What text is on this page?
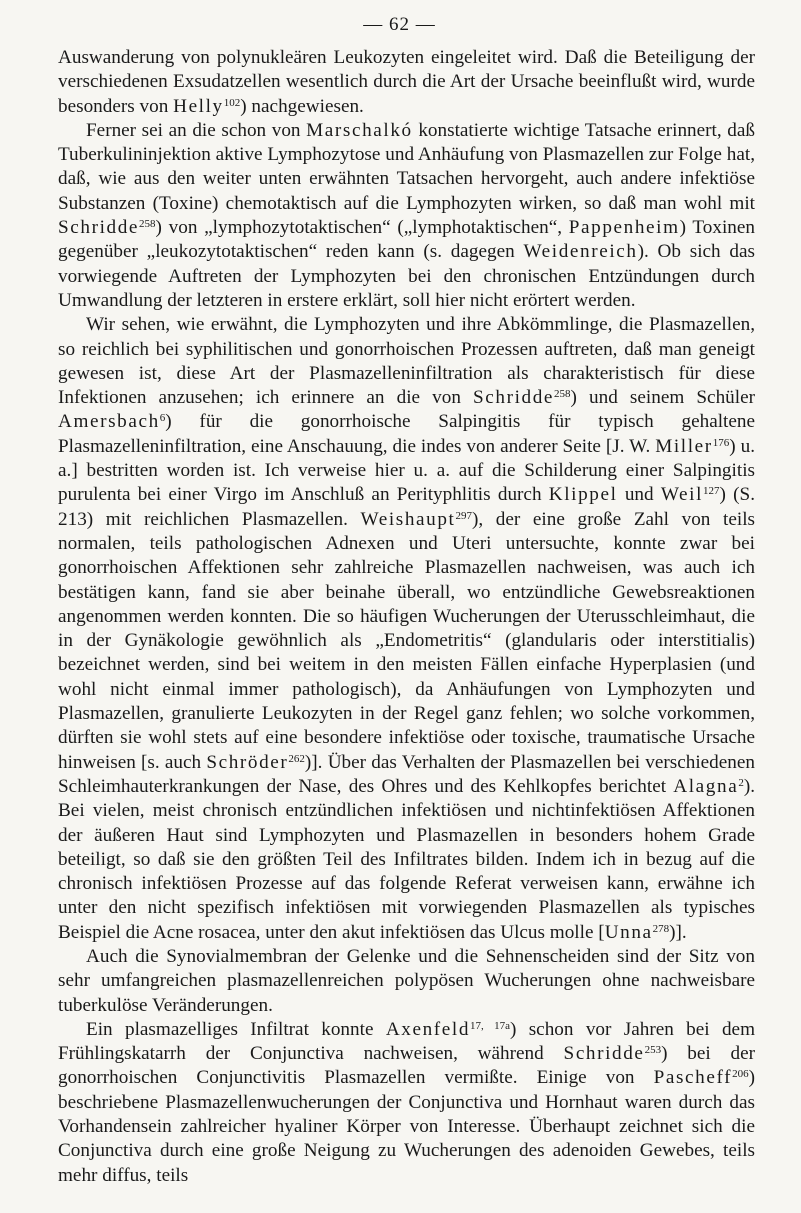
— 62 —

Auswanderung von polynukleären Leukozyten eingeleitet wird. Daß die Beteiligung der verschiedenen Exsudatzellen wesentlich durch die Art der Ursache beeinflußt wird, wurde besonders von Helly$^{102}$) nachgewiesen.

Ferner sei an die schon von Marschalkó konstatierte wichtige Tatsache erinnert, daß Tuberkulininjektion aktive Lymphozytose und Anhäufung von Plasmazellen zur Folge hat, daß, wie aus den weiter unten erwähnten Tatsachen hervorgeht, auch andere infektiöse Substanzen (Toxine) chemotaktisch auf die Lymphozyten wirken, so daß man wohl mit Schridde$^{258}$) von „lymphozytotaktischen“ („lymphotaktischen“, Pappenheim) Toxinen gegenüber „leukozytotaktischen“ reden kann (s. dagegen Weidenreich). Ob sich das vorwiegende Auftreten der Lymphozyten bei den chronischen Entzündungen durch Umwandlung der letzteren in erstere erklärt, soll hier nicht erörtert werden.

Wir sehen, wie erwähnt, die Lymphozyten und ihre Abkömmlinge, die Plasmazellen, so reichlich bei syphilitischen und gonorrhoischen Prozessen auftreten, daß man geneigt gewesen ist, diese Art der Plasmazelleninfiltration als charakteristisch für diese Infektionen anzusehen; ich erinnere an die von Schridde$^{258}$) und seinem Schüler Amersbach$^6$) für die gonorrhoische Salpingitis für typisch gehaltene Plasmazelleninfiltration, eine Anschauung, die indes von anderer Seite [J. W. Miller$^{176}$) u. a.] bestritten worden ist. Ich verweise hier u. a. auf die Schilderung einer Salpingitis purulenta bei einer Virgo im Anschluß an Perityphlitis durch Klippel und Weil$^{127}$) (S. 213) mit reichlichen Plasmazellen. Weishaupt$^{297}$), der eine große Zahl von teils normalen, teils pathologischen Adnexen und Uteri untersuchte, konnte zwar bei gonorrhoischen Affektionen sehr zahlreiche Plasmazellen nachweisen, was auch ich bestätigen kann, fand sie aber beinahe überall, wo entzündliche Gewebsreaktionen angenommen werden konnten. Die so häufigen Wucherungen der Uterusschleimhaut, die in der Gynäkologie gewöhnlich als „Endometritis“ (glandularis oder interstitialis) bezeichnet werden, sind bei weitem in den meisten Fällen einfache Hyperplasien (und wohl nicht einmal immer pathologisch), da Anhäufungen von Lymphozyten und Plasmazellen, granulierte Leukozyten in der Regel ganz fehlen; wo solche vorkommen, dürften sie wohl stets auf eine besondere infektiöse oder toxische, traumatische Ursache hinweisen [s. auch Schröder$^{262}$)]. Über das Verhalten der Plasmazellen bei verschiedenen Schleimhauterkrankungen der Nase, des Ohres und des Kehlkopfes berichtet Alagna$^2$). Bei vielen, meist chronisch entzündlichen infektiösen und nichtinfektiösen Affektionen der äußeren Haut sind Lymphozyten und Plasmazellen in besonders hohem Grade beteiligt, so daß sie den größten Teil des Infiltrates bilden. Indem ich in bezug auf die chronisch infektiösen Prozesse auf das folgende Referat verweisen kann, erwähne ich unter den nicht spezifisch infektiösen mit vorwiegenden Plasmazellen als typisches Beispiel die Acne rosacea, unter den akut infektiösen das Ulcus molle [Unna$^{278}$)].

Auch die Synovialmembran der Gelenke und die Sehnenscheiden sind der Sitz von sehr umfangreichen plasmazellenreichen polypösen Wucherungen ohne nachweisbare tuberkulöse Veränderungen.

Ein plasmazelliges Infiltrat konnte Axenfeld$^{17, 17a}$) schon vor Jahren bei dem Frühlingskatarrh der Conjunctiva nachweisen, während Schridde$^{253}$) bei der gonorrhoischen Conjunctivitis Plasmazellen vermißte. Einige von Pascheff$^{206}$) beschriebene Plasmazellenwucherungen der Conjunctiva und Hornhaut waren durch das Vorhandensein zahlreicher hyaliner Körper von Interesse. Überhaupt zeichnet sich die Conjunctiva durch eine große Neigung zu Wucherungen des adenoiden Gewebes, teils mehr diffus, teils
